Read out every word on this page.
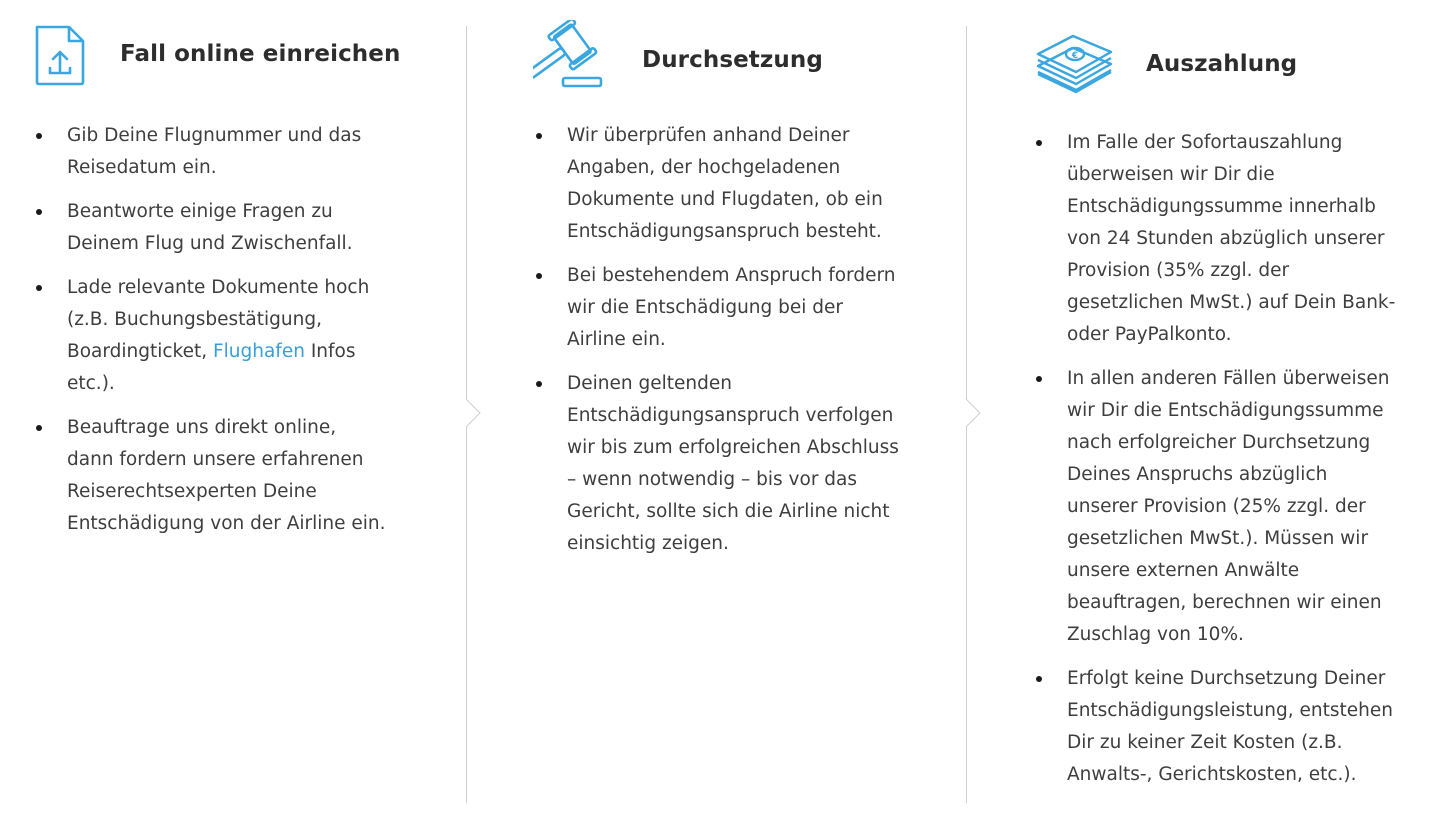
Fall online einreichen
Gib Deine Flugnummer und das Reisedatum ein.
Beantworte einige Fragen zu Deinem Flug und Zwischenfall.
Lade relevante Dokumente hoch (z.B. Buchungsbestätigung, Boardingticket, Flughafen Infos etc.).
Beauftrage uns direkt online, dann fordern unsere erfahrenen Reiserechtsexperten Deine Entschädigung von der Airline ein.
Durchsetzung
Wir überprüfen anhand Deiner Angaben, der hochgeladenen Dokumente und Flugdaten, ob ein Entschädigungsanspruch besteht.
Bei bestehendem Anspruch fordern wir die Entschädigung bei der Airline ein.
Deinen geltenden Entschädigungsanspruch verfolgen wir bis zum erfolgreichen Abschluss – wenn notwendig – bis vor das Gericht, sollte sich die Airline nicht einsichtig zeigen.
€	Auszahlung
Im Falle der Sofortauszahlung überweisen wir Dir die Entschädigungssumme innerhalb von 24 Stunden abzüglich unserer Provision (35% zzgl. der gesetzlichen MwSt.) auf Dein Bank- oder PayPalkonto.
In allen anderen Fällen überweisen wir Dir die Entschädigungssumme nach erfolgreicher Durchsetzung Deines Anspruchs abzüglich unserer Provision (25% zzgl. der gesetzlichen MwSt.). Müssen wir unsere externen Anwälte beauftragen, berechnen wir einen Zuschlag von 10%.
Erfolgt keine Durchsetzung Deiner Entschädigungsleistung, entstehen Dir zu keiner Zeit Kosten (z.B. Anwalts-, Gerichtskosten, etc.).
